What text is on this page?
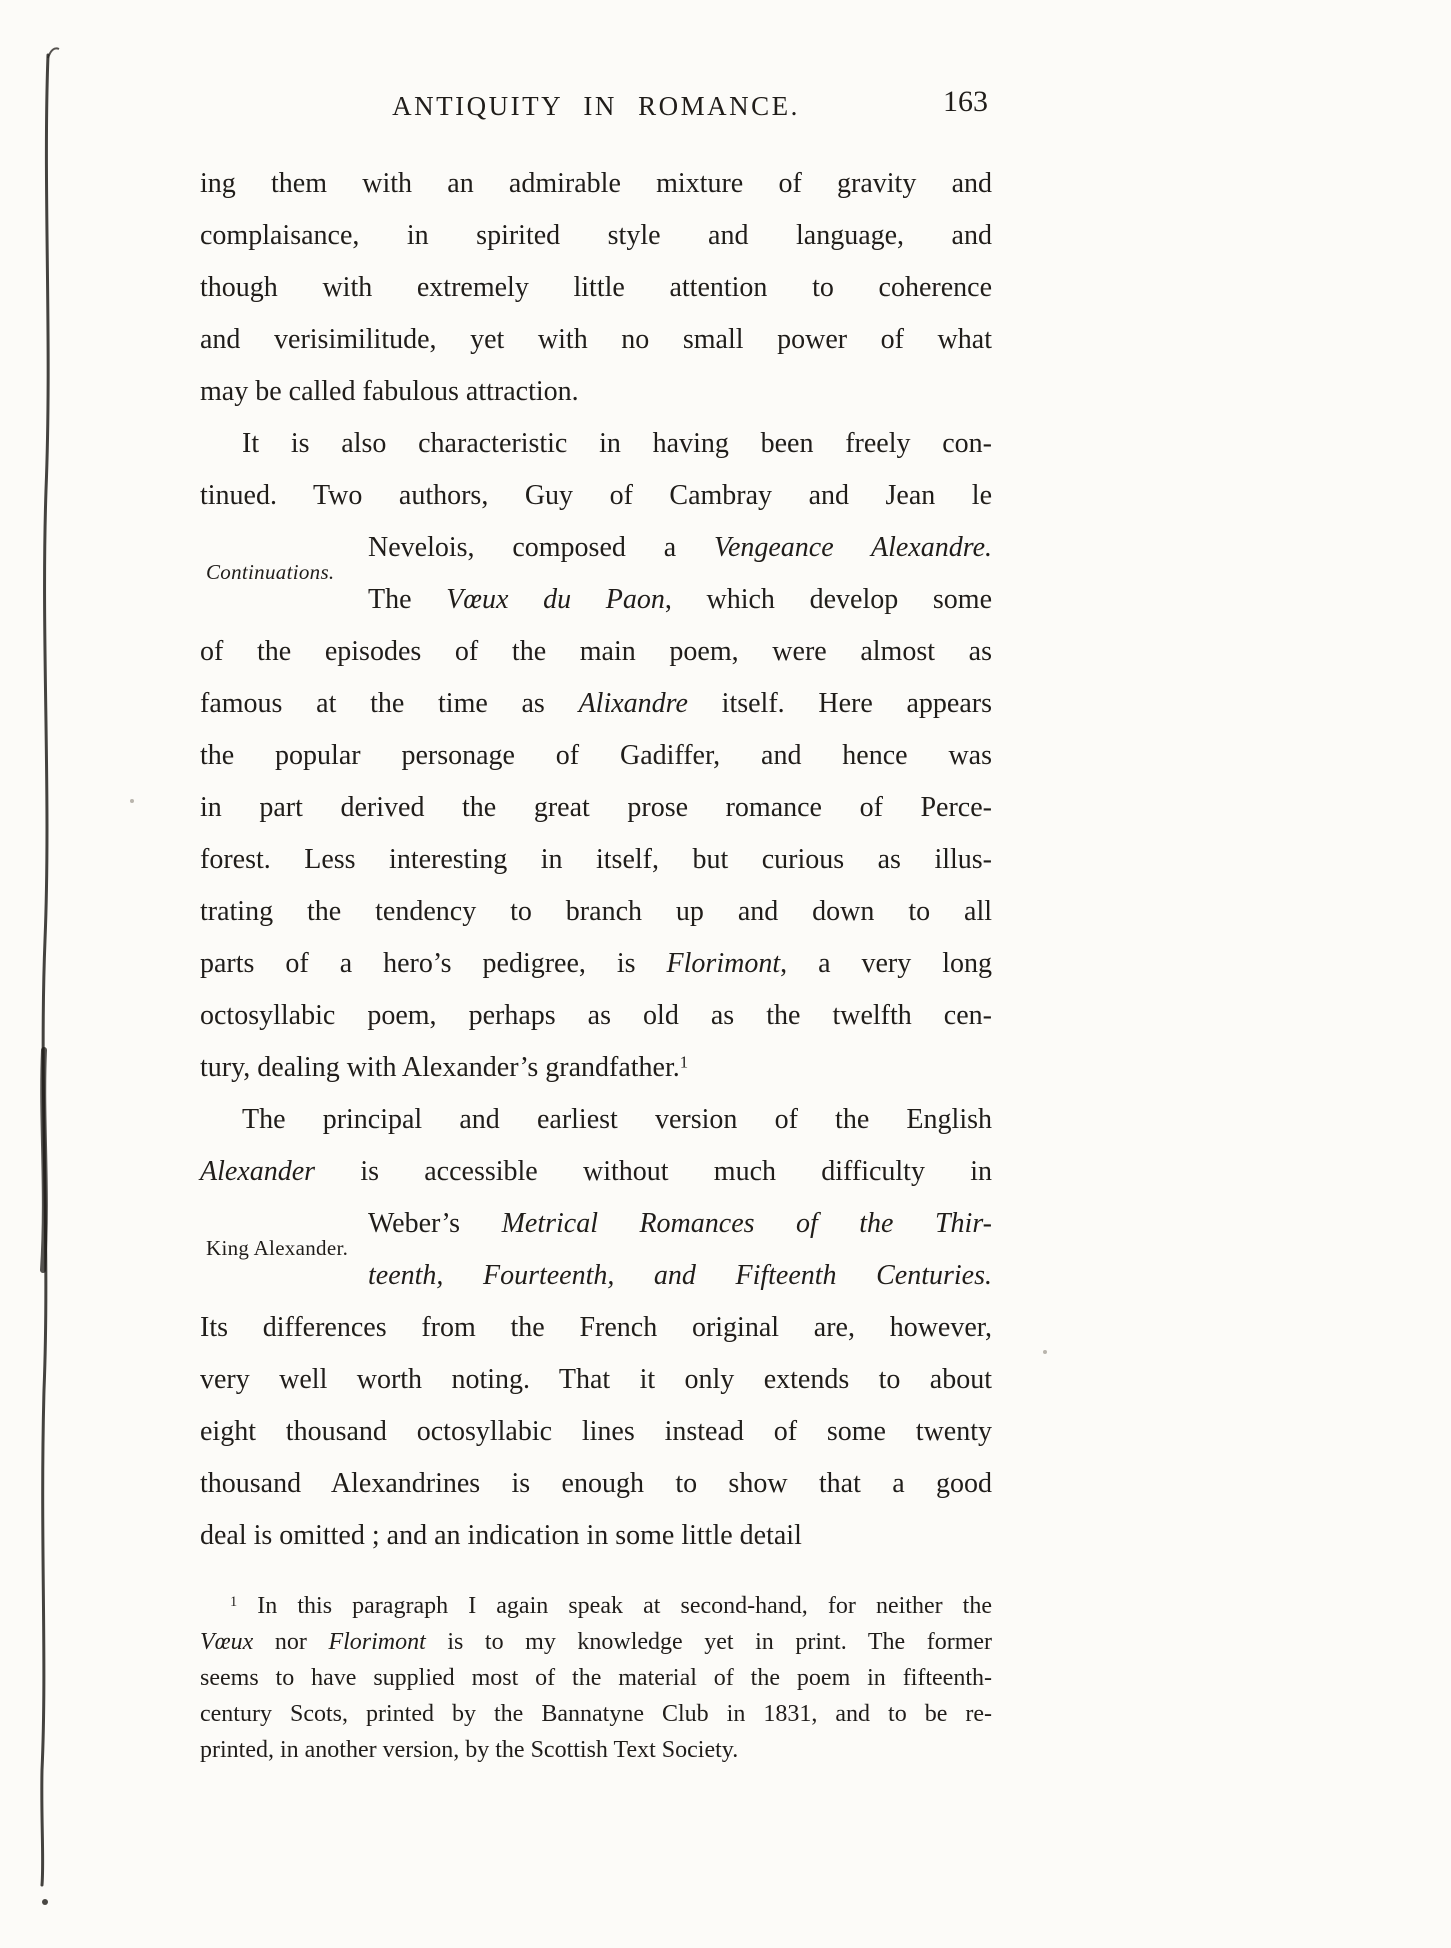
ANTIQUITY IN ROMANCE.	163
ing them with an admirable mixture of gravity and
complaisance, in spirited style and language, and
though with extremely little attention to coherence
and verisimilitude, yet with no small power of what
may be called fabulous attraction.
It is also characteristic in having been freely con-
tinued. Two authors, Guy of Cambray and Jean le
Continuations.
Nevelois, composed a Vengeance Alexandre.
The Vœux du Paon, which develop some
of the episodes of the main poem, were almost as
famous at the time as Alixandre itself. Here appears
the popular personage of Gadiffer, and hence was
in part derived the great prose romance of Perce-
forest. Less interesting in itself, but curious as illus-
trating the tendency to branch up and down to all
parts of a hero’s pedigree, is Florimont, a very long
octosyllabic poem, perhaps as old as the twelfth cen-
tury, dealing with Alexander’s grandfather.$^1$
The principal and earliest version of the English
Alexander is accessible without much difficulty in
King Alexander.
Weber’s Metrical Romances of the Thir-
teenth, Fourteenth, and Fifteenth Centuries.
Its differences from the French original are, however,
very well worth noting. That it only extends to about
eight thousand octosyllabic lines instead of some twenty
thousand Alexandrines is enough to show that a good
deal is omitted ; and an indication in some little detail
$^1$ In this paragraph I again speak at second-hand, for neither the
Vœux nor Florimont is to my knowledge yet in print. The former
seems to have supplied most of the material of the poem in fifteenth-
century Scots, printed by the Bannatyne Club in 1831, and to be re-
printed, in another version, by the Scottish Text Society.
